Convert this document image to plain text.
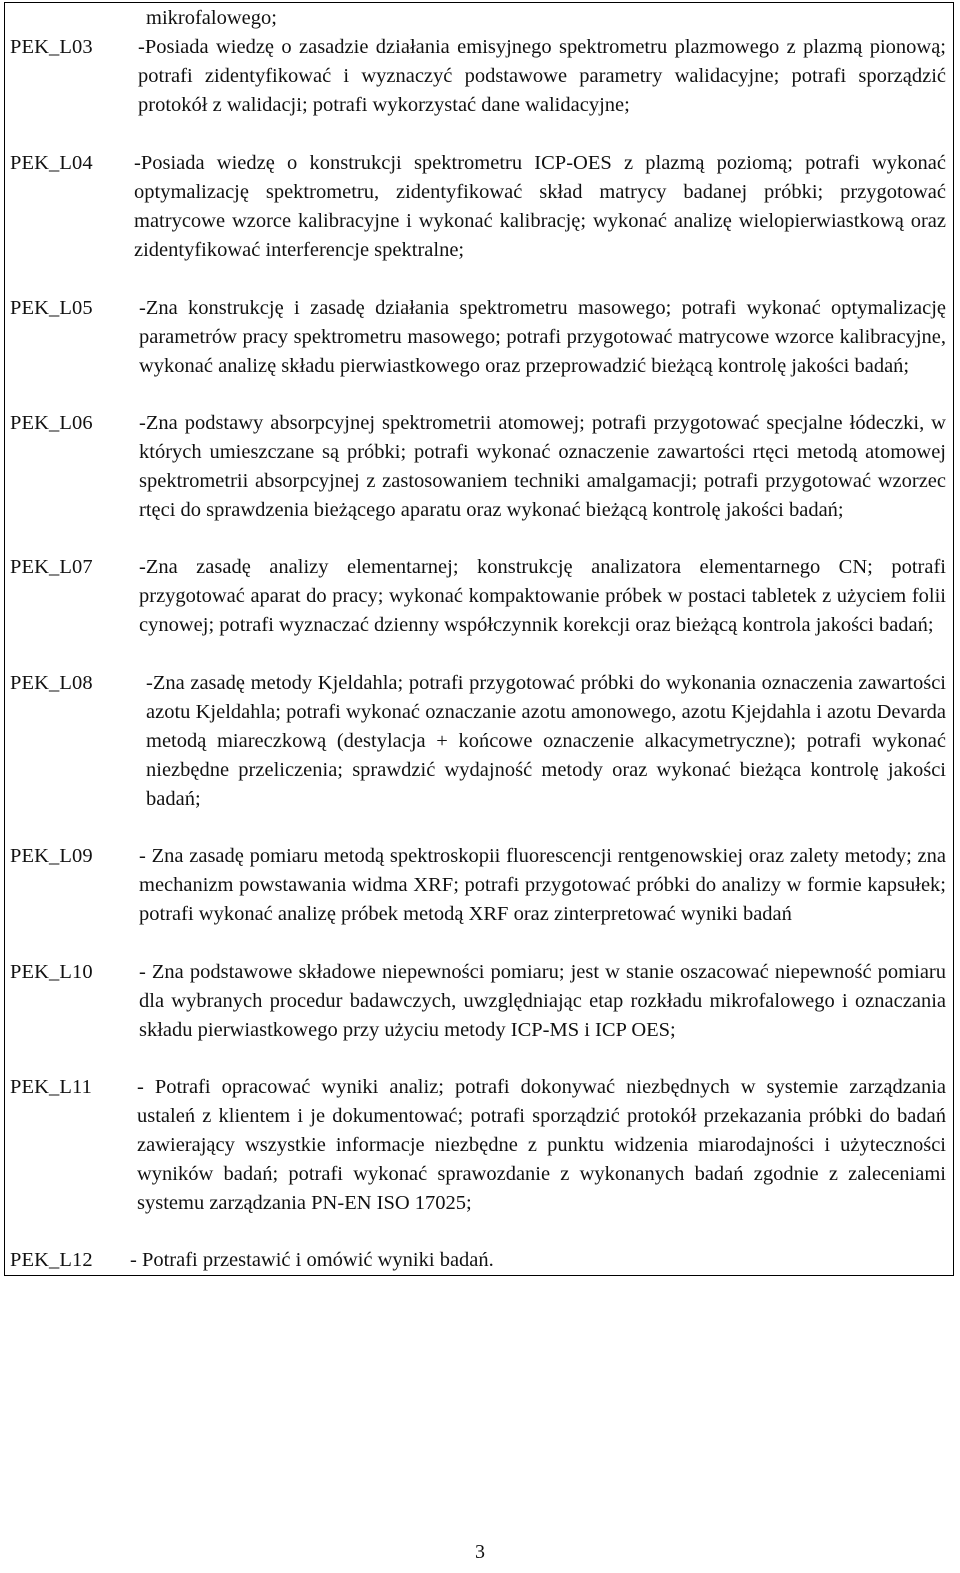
mikrofalowego;
PEK_L03 -Posiada wiedzę o zasadzie działania emisyjnego spektrometru plazmowego z plazmą pionową; potrafi zidentyfikować i wyznaczyć podstawowe parametry walidacyjne; potrafi sporządzić protokół z walidacji; potrafi wykorzystać dane walidacyjne;
PEK_L04 -Posiada wiedzę o konstrukcji spektrometru ICP-OES z plazmą poziomą; potrafi wykonać optymalizację spektrometru, zidentyfikować skład matrycy badanej próbki; przygotować matrycowe wzorce kalibracyjne i wykonać kalibrację; wykonać analizę wielopierwiastkową oraz zidentyfikować interferencje spektralne;
PEK_L05 -Zna konstrukcję i zasadę działania spektrometru masowego; potrafi wykonać optymalizację parametrów pracy spektrometru masowego; potrafi przygotować matrycowe wzorce kalibracyjne, wykonać analizę składu pierwiastkowego oraz przeprowadzić bieżącą kontrolę jakości badań;
PEK_L06 -Zna podstawy absorpcyjnej spektrometrii atomowej; potrafi przygotować specjalne łódeczki, w których umieszczane są próbki; potrafi wykonać oznaczenie zawartości rtęci metodą atomowej spektrometrii absorpcyjnej z zastosowaniem techniki amalgamacji; potrafi przygotować wzorzec rtęci do sprawdzenia bieżącego aparatu oraz wykonać bieżącą kontrolę jakości badań;
PEK_L07 -Zna zasadę analizy elementarnej; konstrukcję analizatora elementarnego CN; potrafi przygotować aparat do pracy; wykonać kompaktowanie próbek w postaci tabletek z użyciem folii cynowej; potrafi wyznaczać dzienny współczynnik korekcji oraz bieżącą kontrola jakości badań;
PEK_L08	-Zna zasadę metody Kjeldahla; potrafi przygotować próbki do wykonania oznaczenia zawartości azotu Kjeldahla; potrafi wykonać oznaczanie azotu amonowego, azotu Kjejdahla i azotu Devarda metodą miareczkową (destylacja + końcowe oznaczenie alkacymetryczne); potrafi wykonać niezbędne przeliczenia; sprawdzić wydajność metody oraz wykonać bieżąca kontrolę jakości badań;
PEK_L09 - Zna zasadę pomiaru metodą spektroskopii fluorescencji rentgenowskiej oraz zalety metody; zna mechanizm powstawania widma XRF; potrafi przygotować próbki do analizy w formie kapsułek; potrafi wykonać analizę próbek metodą XRF oraz zinterpretować wyniki badań
PEK_L10 - Zna podstawowe składowe niepewności pomiaru; jest w stanie oszacować niepewność pomiaru dla wybranych procedur badawczych, uwzględniając etap rozkładu mikrofalowego i oznaczania składu pierwiastkowego przy użyciu metody ICP-MS i ICP OES;
PEK_L11 - Potrafi opracować wyniki analiz; potrafi dokonywać niezbędnych w systemie zarządzania ustaleń z klientem i je dokumentować; potrafi sporządzić protokół przekazania próbki do badań zawierający wszystkie informacje niezbędne z punktu widzenia miarodajności i użyteczności wyników badań; potrafi wykonać sprawozdanie z wykonanych badań zgodnie z zaleceniami systemu zarządzania PN-EN ISO 17025;
PEK_L12 - Potrafi przestawić i omówić wyniki badań.
3
